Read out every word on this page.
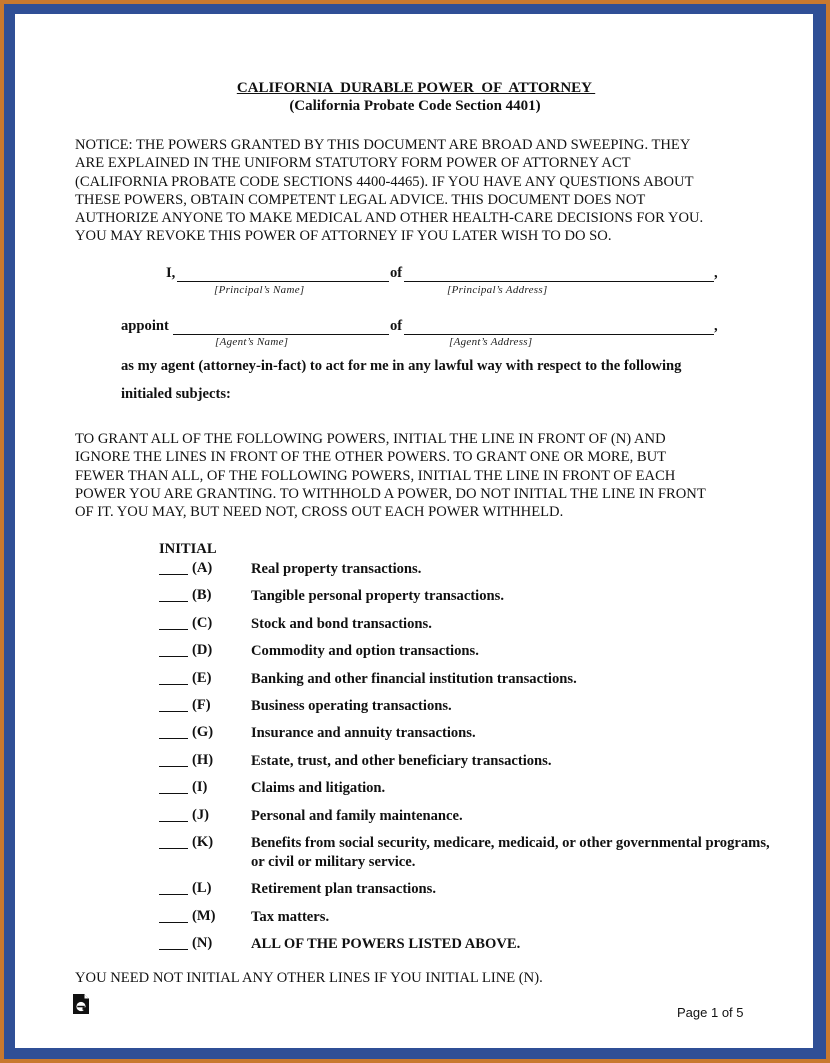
CALIFORNIA  DURABLE POWER  OF  ATTORNEY
(California Probate Code Section 4401)
NOTICE: THE POWERS GRANTED BY THIS DOCUMENT ARE BROAD AND SWEEPING. THEY
ARE EXPLAINED IN THE UNIFORM STATUTORY FORM POWER OF ATTORNEY ACT
(CALIFORNIA PROBATE CODE SECTIONS 4400-4465). IF YOU HAVE ANY QUESTIONS ABOUT
THESE POWERS, OBTAIN COMPETENT LEGAL ADVICE. THIS DOCUMENT DOES NOT
AUTHORIZE ANYONE TO MAKE MEDICAL AND OTHER HEALTH-CARE DECISIONS FOR YOU.
YOU MAY REVOKE THIS POWER OF ATTORNEY IF YOU LATER WISH TO DO SO.
I,	of	,
[Principal’s Name]	[Principal’s Address]
appoint	of	,
[Agent’s Name]	[Agent’s Address]
as my agent (attorney-in-fact) to act for me in any lawful way with respect to the following
initialed subjects:
TO GRANT ALL OF THE FOLLOWING POWERS, INITIAL THE LINE IN FRONT OF (N) AND
IGNORE THE LINES IN FRONT OF THE OTHER POWERS. TO GRANT ONE OR MORE, BUT
FEWER THAN ALL, OF THE FOLLOWING POWERS, INITIAL THE LINE IN FRONT OF EACH
POWER YOU ARE GRANTING. TO WITHHOLD A POWER, DO NOT INITIAL THE LINE IN FRONT
OF IT. YOU MAY, BUT NEED NOT, CROSS OUT EACH POWER WITHHELD.
INITIAL
(A)	Real property transactions.
(B)	Tangible personal property transactions.
(C)	Stock and bond transactions.
(D)	Commodity and option transactions.
(E)	Banking and other financial institution transactions.
(F)	Business operating transactions.
(G)	Insurance and annuity transactions.
(H)	Estate, trust, and other beneficiary transactions.
(I)	Claims and litigation.
(J)	Personal and family maintenance.
(K)	Benefits from social security, medicare, medicaid, or other governmental programs, or civil or military service.
(L)	Retirement plan transactions.
(M) Tax matters.
(N)	ALL OF THE POWERS LISTED ABOVE.
YOU NEED NOT INITIAL ANY OTHER LINES IF YOU INITIAL LINE (N).
Page 1 of 5
